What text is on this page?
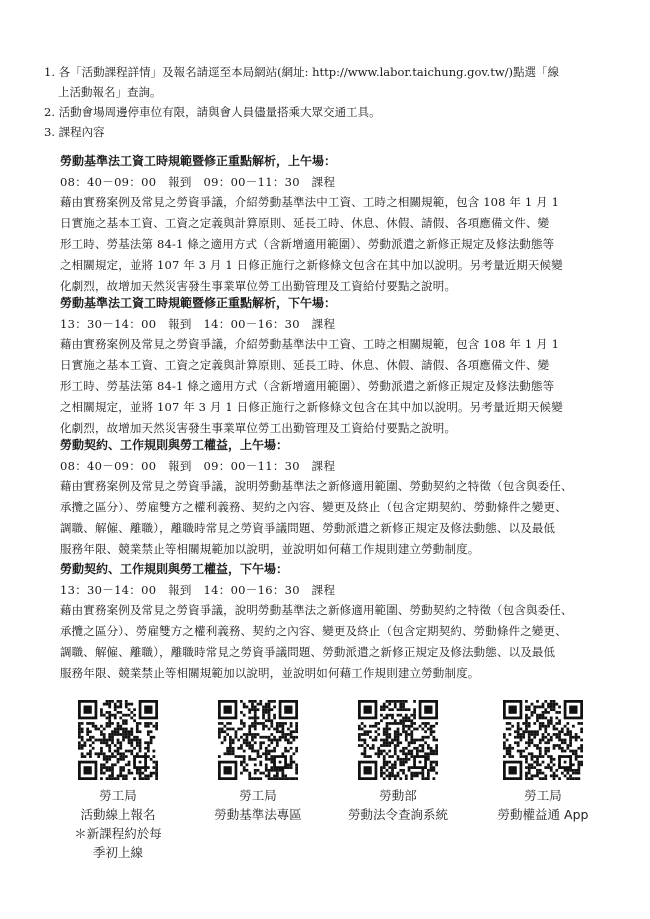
1. 各「活動課程詳情」及報名請逕至本局網站(網址: http://www.labor.taichung.gov.tw/)點選「線
上活動報名」查詢。
2. 活動會場周邊停車位有限，請與會人員儘量搭乘大眾交通工具。
3. 課程內容
勞動基準法工資工時規範暨修正重點解析，上午場：
08：40－09：00　報到　09：00－11：30　課程
藉由實務案例及常見之勞資爭議，介紹勞動基準法中工資、工時之相關規範，包含 108 年 1 月 1
日實施之基本工資、工資之定義與計算原則、延長工時、休息、休假、請假、各項應備文件、變
形工時、勞基法第 84-1 條之適用方式（含新增適用範圍）、勞動派遣之新修正規定及修法動態等
之相關規定，並將 107 年 3 月 1 日修正施行之新修條文包含在其中加以說明。另考量近期天候變
化劇烈，故增加天然災害發生事業單位勞工出勤管理及工資給付要點之說明。
勞動基準法工資工時規範暨修正重點解析，下午場：
13：30－14：00　報到　14：00－16：30　課程
藉由實務案例及常見之勞資爭議，介紹勞動基準法中工資、工時之相關規範，包含 108 年 1 月 1
日實施之基本工資、工資之定義與計算原則、延長工時、休息、休假、請假、各項應備文件、變
形工時、勞基法第 84-1 條之適用方式（含新增適用範圍）、勞動派遣之新修正規定及修法動態等
之相關規定，並將 107 年 3 月 1 日修正施行之新修條文包含在其中加以說明。另考量近期天候變
化劇烈，故增加天然災害發生事業單位勞工出勤管理及工資給付要點之說明。
勞動契約、工作規則與勞工權益，上午場：
08：40－09：00　報到　09：00－11：30　課程
藉由實務案例及常見之勞資爭議，說明勞動基準法之新修適用範圍、勞動契約之特徵（包含與委任、
承攬之區分）、勞雇雙方之權利義務、契約之內容、變更及終止（包含定期契約、勞動條件之變更、
調職、解僱、離職），離職時常見之勞資爭議問題、勞動派遣之新修正規定及修法動態、以及最低
服務年限、競業禁止等相關規範加以說明，並說明如何藉工作規則建立勞動制度。
勞動契約、工作規則與勞工權益，下午場：
13：30－14：00　報到　14：00－16：30　課程
藉由實務案例及常見之勞資爭議，說明勞動基準法之新修適用範圍、勞動契約之特徵（包含與委任、
承攬之區分）、勞雇雙方之權利義務、契約之內容、變更及終止（包含定期契約、勞動條件之變更、
調職、解僱、離職），離職時常見之勞資爭議問題、勞動派遣之新修正規定及修法動態、以及最低
服務年限、競業禁止等相關規範加以說明，並說明如何藉工作規則建立勞動制度。
勞工局
活動線上報名
＊新課程約於每
季初上線
勞工局
勞動基準法專區
勞動部
勞動法令查詢系統
勞工局
勞動權益通 App
